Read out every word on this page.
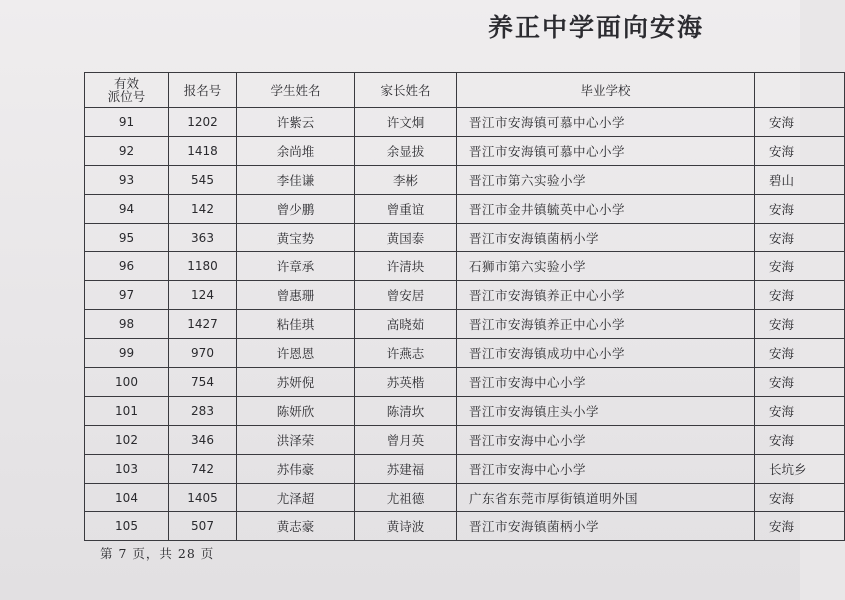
养正中学面向安海
有效
派位号	报名号	学生姓名	家长姓名	毕业学校	
91	1202	许紫云	许文炯	晋江市安海镇可慕中心小学	安海
92	1418	余尚堆	余显拔	晋江市安海镇可慕中心小学	安海
93	545	李佳谦	李彬	晋江市第六实验小学	碧山
94	142	曾少鹏	曾重谊	晋江市金井镇毓英中心小学	安海
95	363	黄宝势	黄国泰	晋江市安海镇菌柄小学	安海
96	1180	许章承	许清块	石狮市第六实验小学	安海
97	124	曾惠珊	曾安居	晋江市安海镇养正中心小学	安海
98	1427	粘佳琪	高晓茹	晋江市安海镇养正中心小学	安海
99	970	许恩恩	许燕志	晋江市安海镇成功中心小学	安海
100	754	苏妍倪	苏英楷	晋江市安海中心小学	安海
101	283	陈妍欣	陈清坎	晋江市安海镇庄头小学	安海
102	346	洪泽荣	曾月英	晋江市安海中心小学	安海
103	742	苏伟豪	苏建福	晋江市安海中心小学	长坑乡
104	1405	尤泽超	尤祖德	广东省东莞市厚街镇道明外国	安海
105	507	黄志豪	黄诗波	晋江市安海镇菌柄小学	安海
第 7 页，共 28 页
